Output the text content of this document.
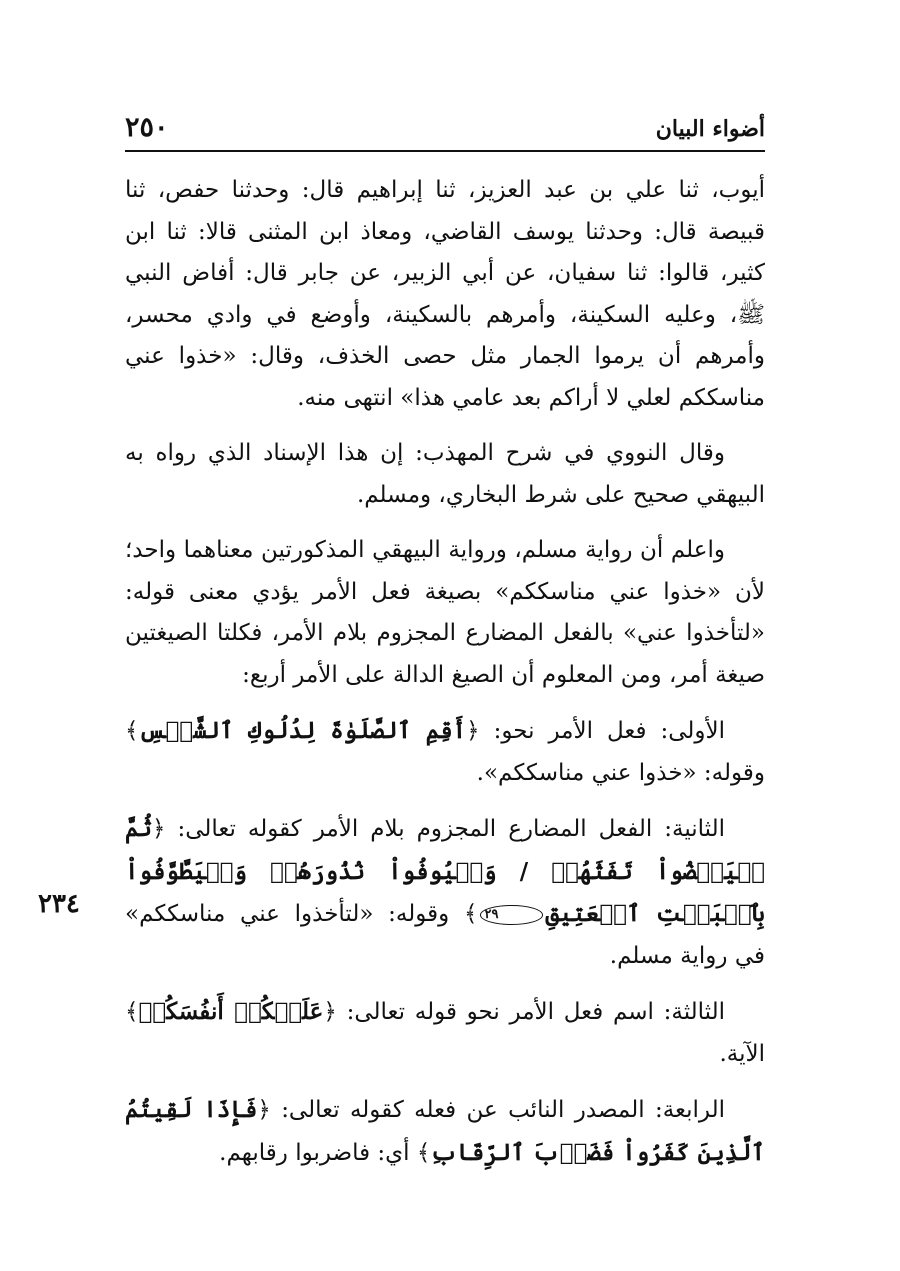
أضواء البيان
٢٥٠

أيوب، ثنا علي بن عبد العزيز، ثنا إبراهيم قال: وحدثنا حفص، ثنا قبيصة قال: وحدثنا يوسف القاضي، ومعاذ ابن المثنى قالا: ثنا ابن كثير، قالوا: ثنا سفيان، عن أبي الزبير، عن جابر قال: أفاض النبي ﷺ، وعليه السكينة، وأمرهم بالسكينة، وأوضع في وادي محسر، وأمرهم أن يرموا الجمار مثل حصى الخذف، وقال: «خذوا عني مناسككم لعلي لا أراكم بعد عامي هذا» انتهى منه.

وقال النووي في شرح المهذب: إن هذا الإسناد الذي رواه به البيهقي صحيح على شرط البخاري، ومسلم.

واعلم أن رواية مسلم، ورواية البيهقي المذكورتين معناهما واحد؛ لأن «خذوا عني مناسككم» بصيغة فعل الأمر يؤدي معنى قوله: «لتأخذوا عني» بالفعل المضارع المجزوم بلام الأمر، فكلتا الصيغتين صيغة أمر، ومن المعلوم أن الصيغ الدالة على الأمر أربع:

الأولى: فعل الأمر نحو: ﴿أَقِمِ ٱلصَّلَوٰةَ لِدُلُوكِ ٱلشَّمۡسِ﴾ وقوله: «خذوا عني مناسككم».

الثانية: الفعل المضارع المجزوم بلام الأمر كقوله تعالى: ﴿ثُمَّ لۡيَقۡضُواْ تَفَثَهُمۡ / وَلۡيُوفُواْ نُذُورَهُمۡ وَلۡيَطَّوَّفُواْ بِٱلۡبَيۡتِ ٱلۡعَتِيقِ٢٩﴾ وقوله: «لتأخذوا عني مناسككم» في رواية مسلم.

الثالثة: اسم فعل الأمر نحو قوله تعالى: ﴿عَلَيۡكُمۡ أَنفُسَكُمۡ﴾ الآية.

الرابعة: المصدر النائب عن فعله كقوله تعالى: ﴿فَإِذَا لَقِيتُمُ ٱلَّذِينَ كَفَرُواْ فَضَرۡبَ ٱلرِّقَابِ﴾ أي: فاضربوا رقابهم.

٢٣٤
